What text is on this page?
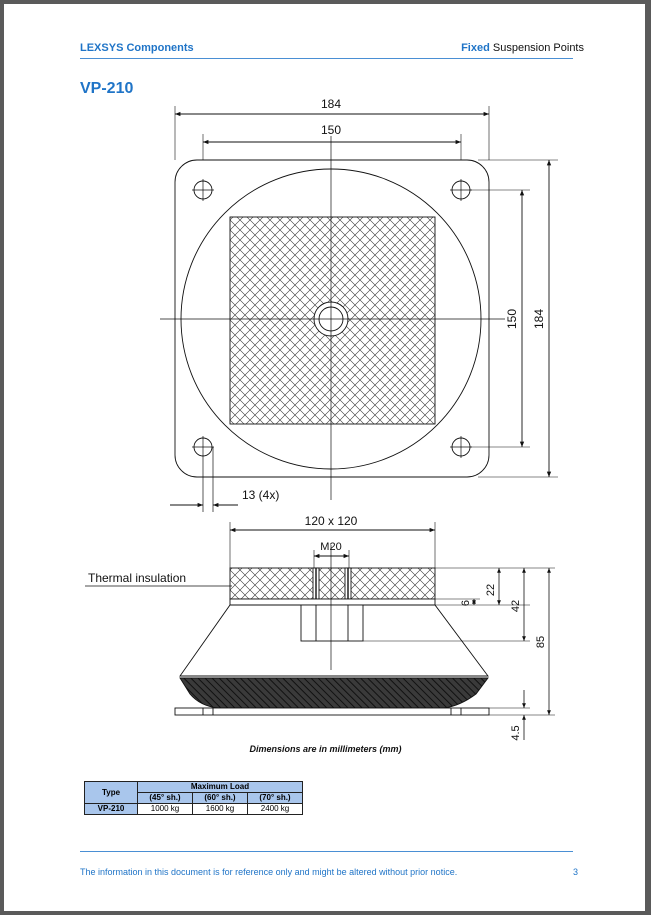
LEXSYS Components	Fixed Suspension Points
VP-210
184
150
150 184
13 (4x)
120 x 120
M20
Thermal insulation
6
22
42
85
4.5
Dimensions are in millimeters (mm)
Type	Maximum Load		
	(45° sh.)	(60° sh.)	(70° sh.)
VP-210	1000 kg	1600 kg	2400 kg
The information in this document is for reference only and might be altered without prior notice.	3
